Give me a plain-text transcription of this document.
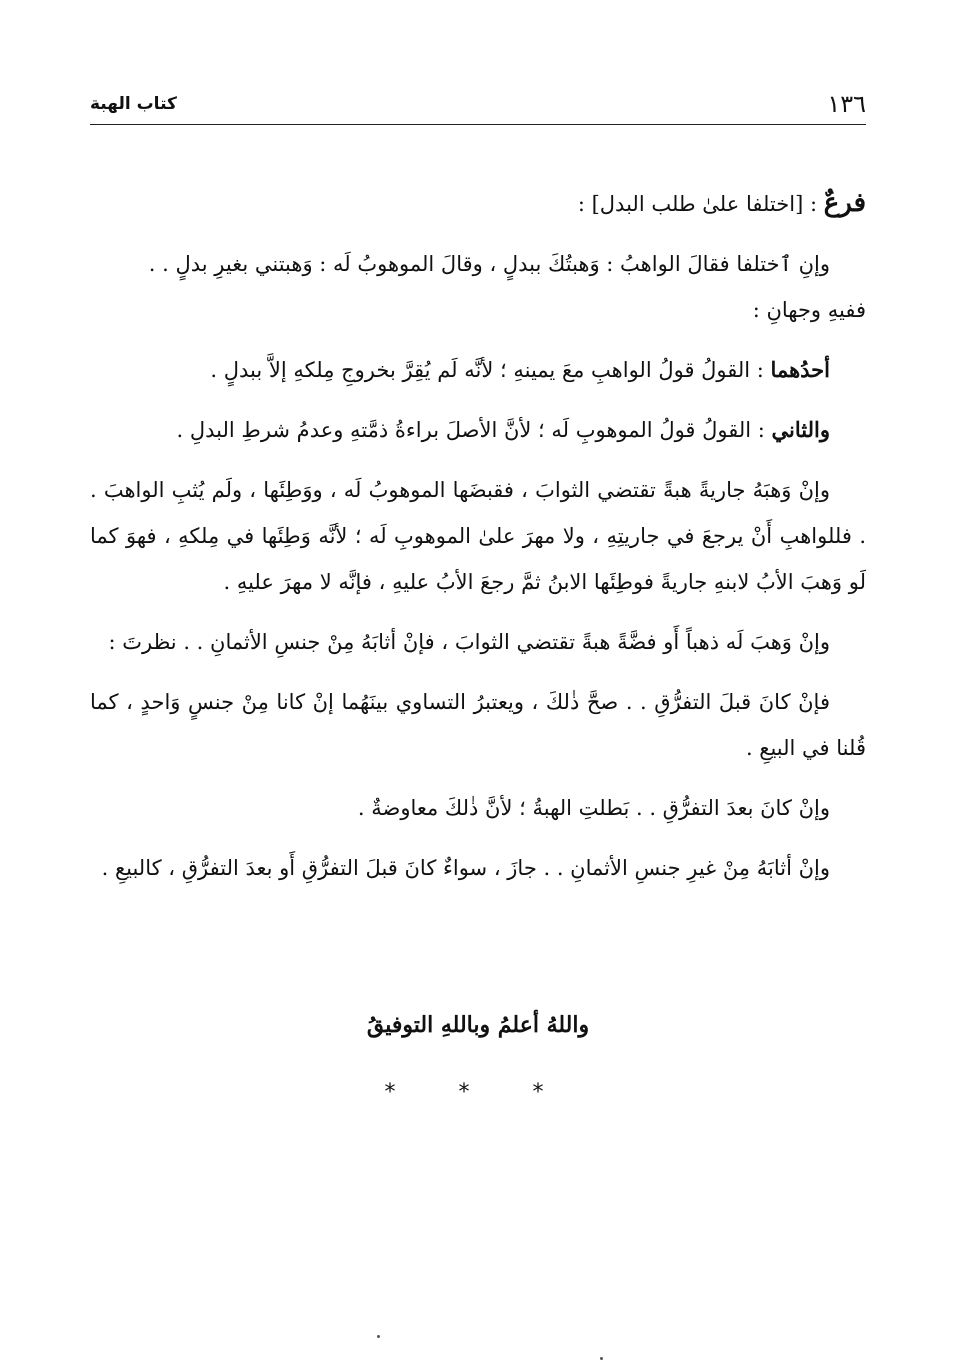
١٣٦
كتاب الهبة

فرعٌ : [اختلفا علىٰ طلب البدل] :

وإنِ ٱختلفا فقالَ الواهبُ : وَهبتُكَ ببدلٍ ، وقالَ الموهوبُ لَه : وَهبتني بغيرِ بدلٍ . .

ففيهِ وجهانِ :

أحدُهما : القولُ قولُ الواهبِ معَ يمينهِ ؛ لأنَّه لَم يُقِرَّ بخروجِ مِلكهِ إلاَّ ببدلٍ .

والثاني : القولُ قولُ الموهوبِ لَه ؛ لأنَّ الأصلَ براءةُ ذمَّتهِ وعدمُ شرطِ البدلِ .

وإنْ وَهبَهُ جاريةً هبةً تقتضي الثوابَ ، فقبضَها الموهوبُ لَه ، ووَطِئَها ، ولَم يُثبِ الواهبَ . . فللواهبِ أَنْ يرجعَ في جاريتِهِ ، ولا مهرَ علىٰ الموهوبِ لَه ؛ لأنَّه وَطِئَها في مِلكهِ ، فهوَ كما لَو وَهبَ الأبُ لابنهِ جاريةً فوطِئَها الابنُ ثمَّ رجعَ الأبُ عليهِ ، فإنَّه لا مهرَ عليهِ .

وإنْ وَهبَ لَه ذهباً أَو فضَّةً هبةً تقتضي الثوابَ ، فإنْ أثابَهُ مِنْ جنسِ الأثمانِ . . نظرتَ :

فإنْ كانَ قبلَ التفرُّقِ . . صحَّ ذٰلكَ ، ويعتبرُ التساوي بينَهُما إنْ كانا مِنْ جنسٍ وَاحدٍ ، كما قُلنا في البيعِ .

وإنْ كانَ بعدَ التفرُّقِ . . بَطلتِ الهبةُ ؛ لأنَّ ذٰلكَ معاوضةٌ .

وإنْ أثابَهُ مِنْ غيرِ جنسِ الأثمانِ . . جازَ ، سواءٌ كانَ قبلَ التفرُّقِ أَو بعدَ التفرُّقِ ، كالبيعِ .

واللهُ أعلمُ وباللهِ التوفيقُ
* * *
